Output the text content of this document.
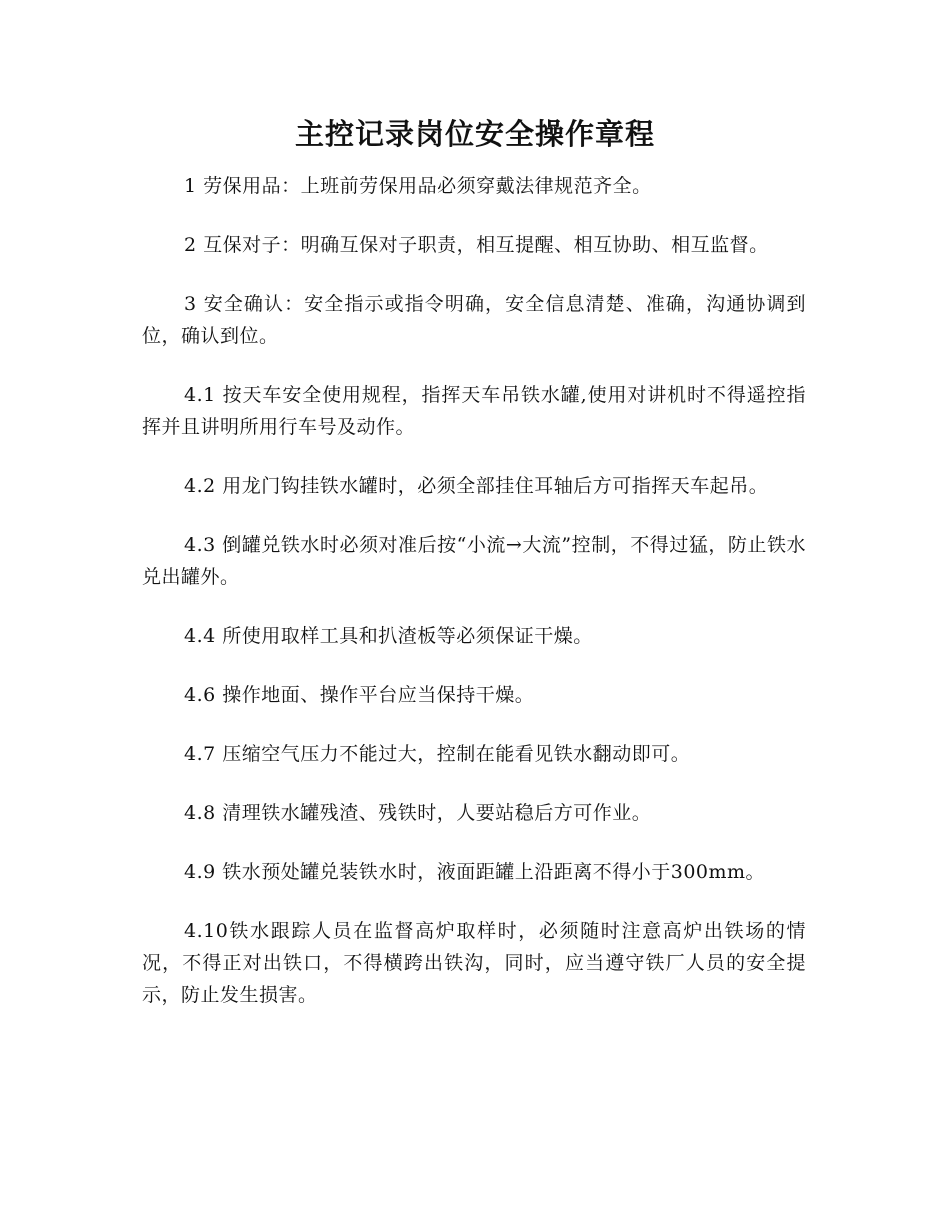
主控记录岗位安全操作章程

1 劳保用品：上班前劳保用品必须穿戴法律规范齐全。

2 互保对子：明确互保对子职责，相互提醒、相互协助、相互监督。

3 安全确认：安全指示或指令明确，安全信息清楚、准确，沟通协调到位，确认到位。

4.1 按天车安全使用规程，指挥天车吊铁水罐,使用对讲机时不得遥控指挥并且讲明所用行车号及动作。

4.2 用龙门钩挂铁水罐时，必须全部挂住耳轴后方可指挥天车起吊。

4.3 倒罐兑铁水时必须对准后按“小流→大流”控制，不得过猛，防止铁水兑出罐外。

4.4 所使用取样工具和扒渣板等必须保证干燥。

4.6 操作地面、操作平台应当保持干燥。

4.7 压缩空气压力不能过大，控制在能看见铁水翻动即可。

4.8 清理铁水罐残渣、残铁时，人要站稳后方可作业。

4.9 铁水预处罐兑装铁水时，液面距罐上沿距离不得小于300mm。

4.10铁水跟踪人员在监督高炉取样时，必须随时注意高炉出铁场的情况，不得正对出铁口，不得横跨出铁沟，同时，应当遵守铁厂人员的安全提示，防止发生损害。
